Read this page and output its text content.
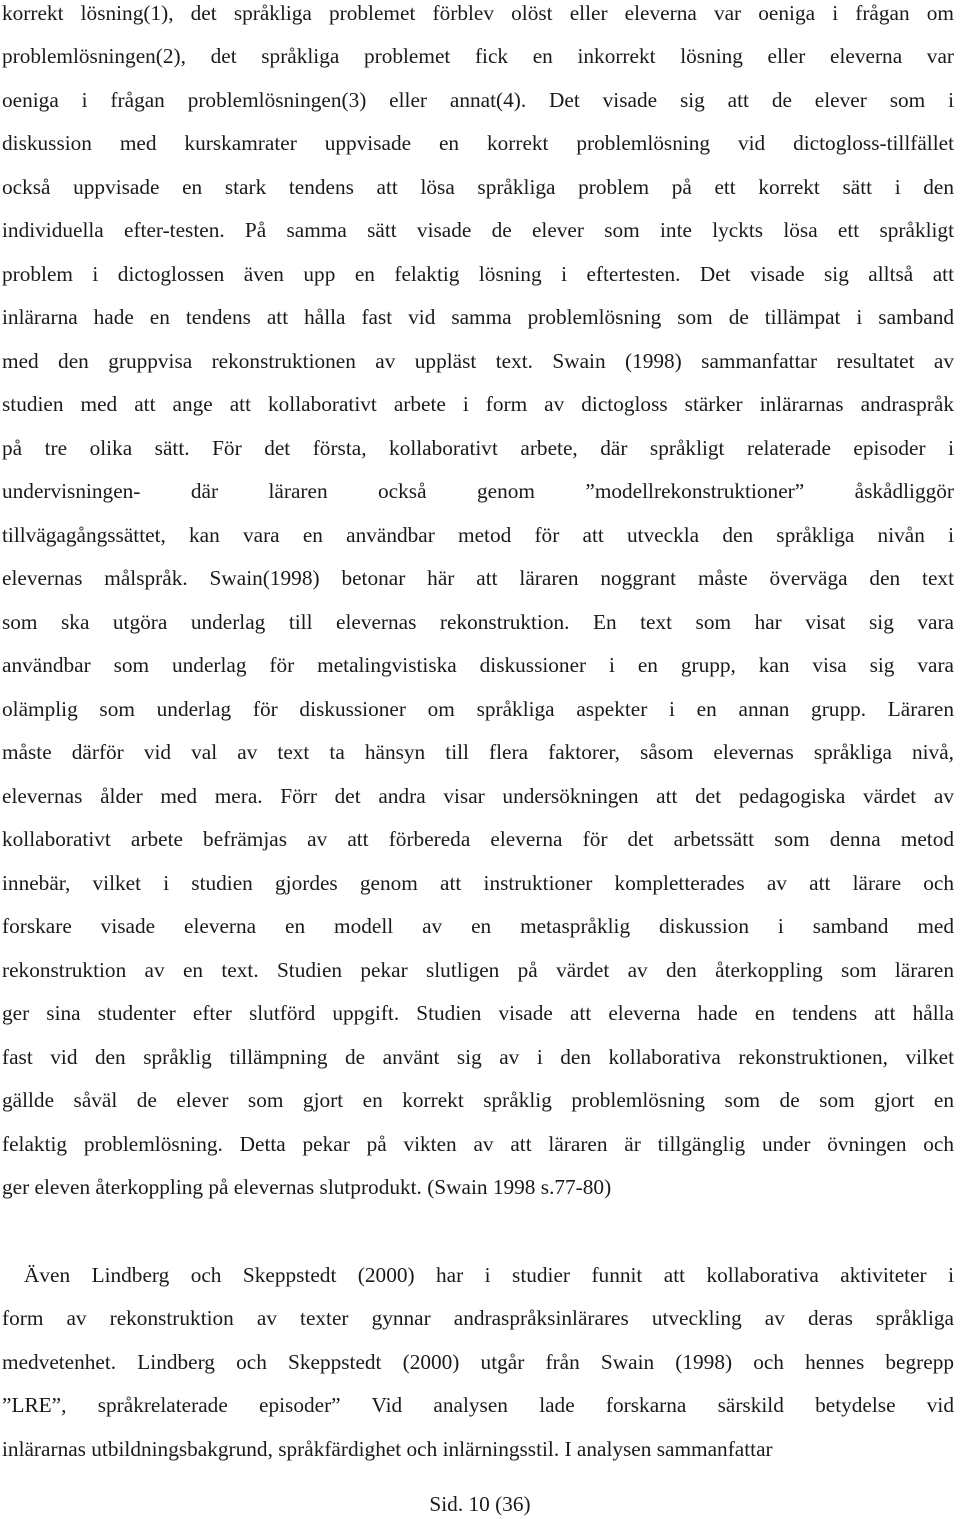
korrekt lösning(1), det språkliga problemet förblev olöst eller eleverna var oeniga i frågan om
problemlösningen(2), det språkliga problemet fick en inkorrekt lösning eller eleverna var
oeniga i frågan problemlösningen(3) eller annat(4). Det visade sig att de elever som i
diskussion med kurskamrater uppvisade en korrekt problemlösning vid dictogloss-tillfället
också uppvisade en stark tendens att lösa språkliga problem på ett korrekt sätt i den
individuella efter-testen. På samma sätt visade de elever som inte lyckts lösa ett språkligt
problem i dictoglossen även upp en felaktig lösning i eftertesten. Det visade sig alltså att
inlärarna hade en tendens att hålla fast vid samma problemlösning som de tillämpat i samband
med den gruppvisa rekonstruktionen av uppläst text. Swain (1998) sammanfattar resultatet av
studien med att ange att kollaborativt arbete i form av dictogloss stärker inlärarnas andraspråk
på tre olika sätt. För det första, kollaborativt arbete, där språkligt relaterade episoder i
undervisningen- där läraren också genom ”modellrekonstruktioner” åskådliggör
tillvägagångssättet, kan vara en användbar metod för att utveckla den språkliga nivån i
elevernas målspråk. Swain(1998) betonar här att läraren noggrant måste överväga den text
som ska utgöra underlag till elevernas rekonstruktion. En text som har visat sig vara
användbar som underlag för metalingvistiska diskussioner i en grupp, kan visa sig vara
olämplig som underlag för diskussioner om språkliga aspekter i en annan grupp. Läraren
måste därför vid val av text ta hänsyn till flera faktorer, såsom elevernas språkliga nivå,
elevernas ålder med mera. Förr det andra visar undersökningen att det pedagogiska värdet av
kollaborativt arbete befrämjas av att förbereda eleverna för det arbetssätt som denna metod
innebär, vilket i studien gjordes genom att instruktioner kompletterades av att lärare och
forskare visade eleverna en modell av en metaspråklig diskussion i samband med
rekonstruktion av en text. Studien pekar slutligen på värdet av den återkoppling som läraren
ger sina studenter efter slutförd uppgift. Studien visade att eleverna hade en tendens att hålla
fast vid den språklig tillämpning de använt sig av i den kollaborativa rekonstruktionen, vilket
gällde såväl de elever som gjort en korrekt språklig problemlösning som de som gjort en
felaktig problemlösning. Detta pekar på vikten av att läraren är tillgänglig under övningen och
ger eleven återkoppling på elevernas slutprodukt. (Swain 1998 s.77-80)
Även Lindberg och Skeppstedt (2000) har i studier funnit att kollaborativa aktiviteter i
form av rekonstruktion av texter gynnar andraspråksinlärares utveckling av deras språkliga
medvetenhet. Lindberg och Skeppstedt (2000) utgår från Swain (1998) och hennes begrepp
”LRE”, språkrelaterade episoder” Vid analysen lade forskarna särskild betydelse vid
inlärarnas utbildningsbakgrund, språkfärdighet och inlärningsstil. I analysen sammanfattar
Sid. 10 (36)
